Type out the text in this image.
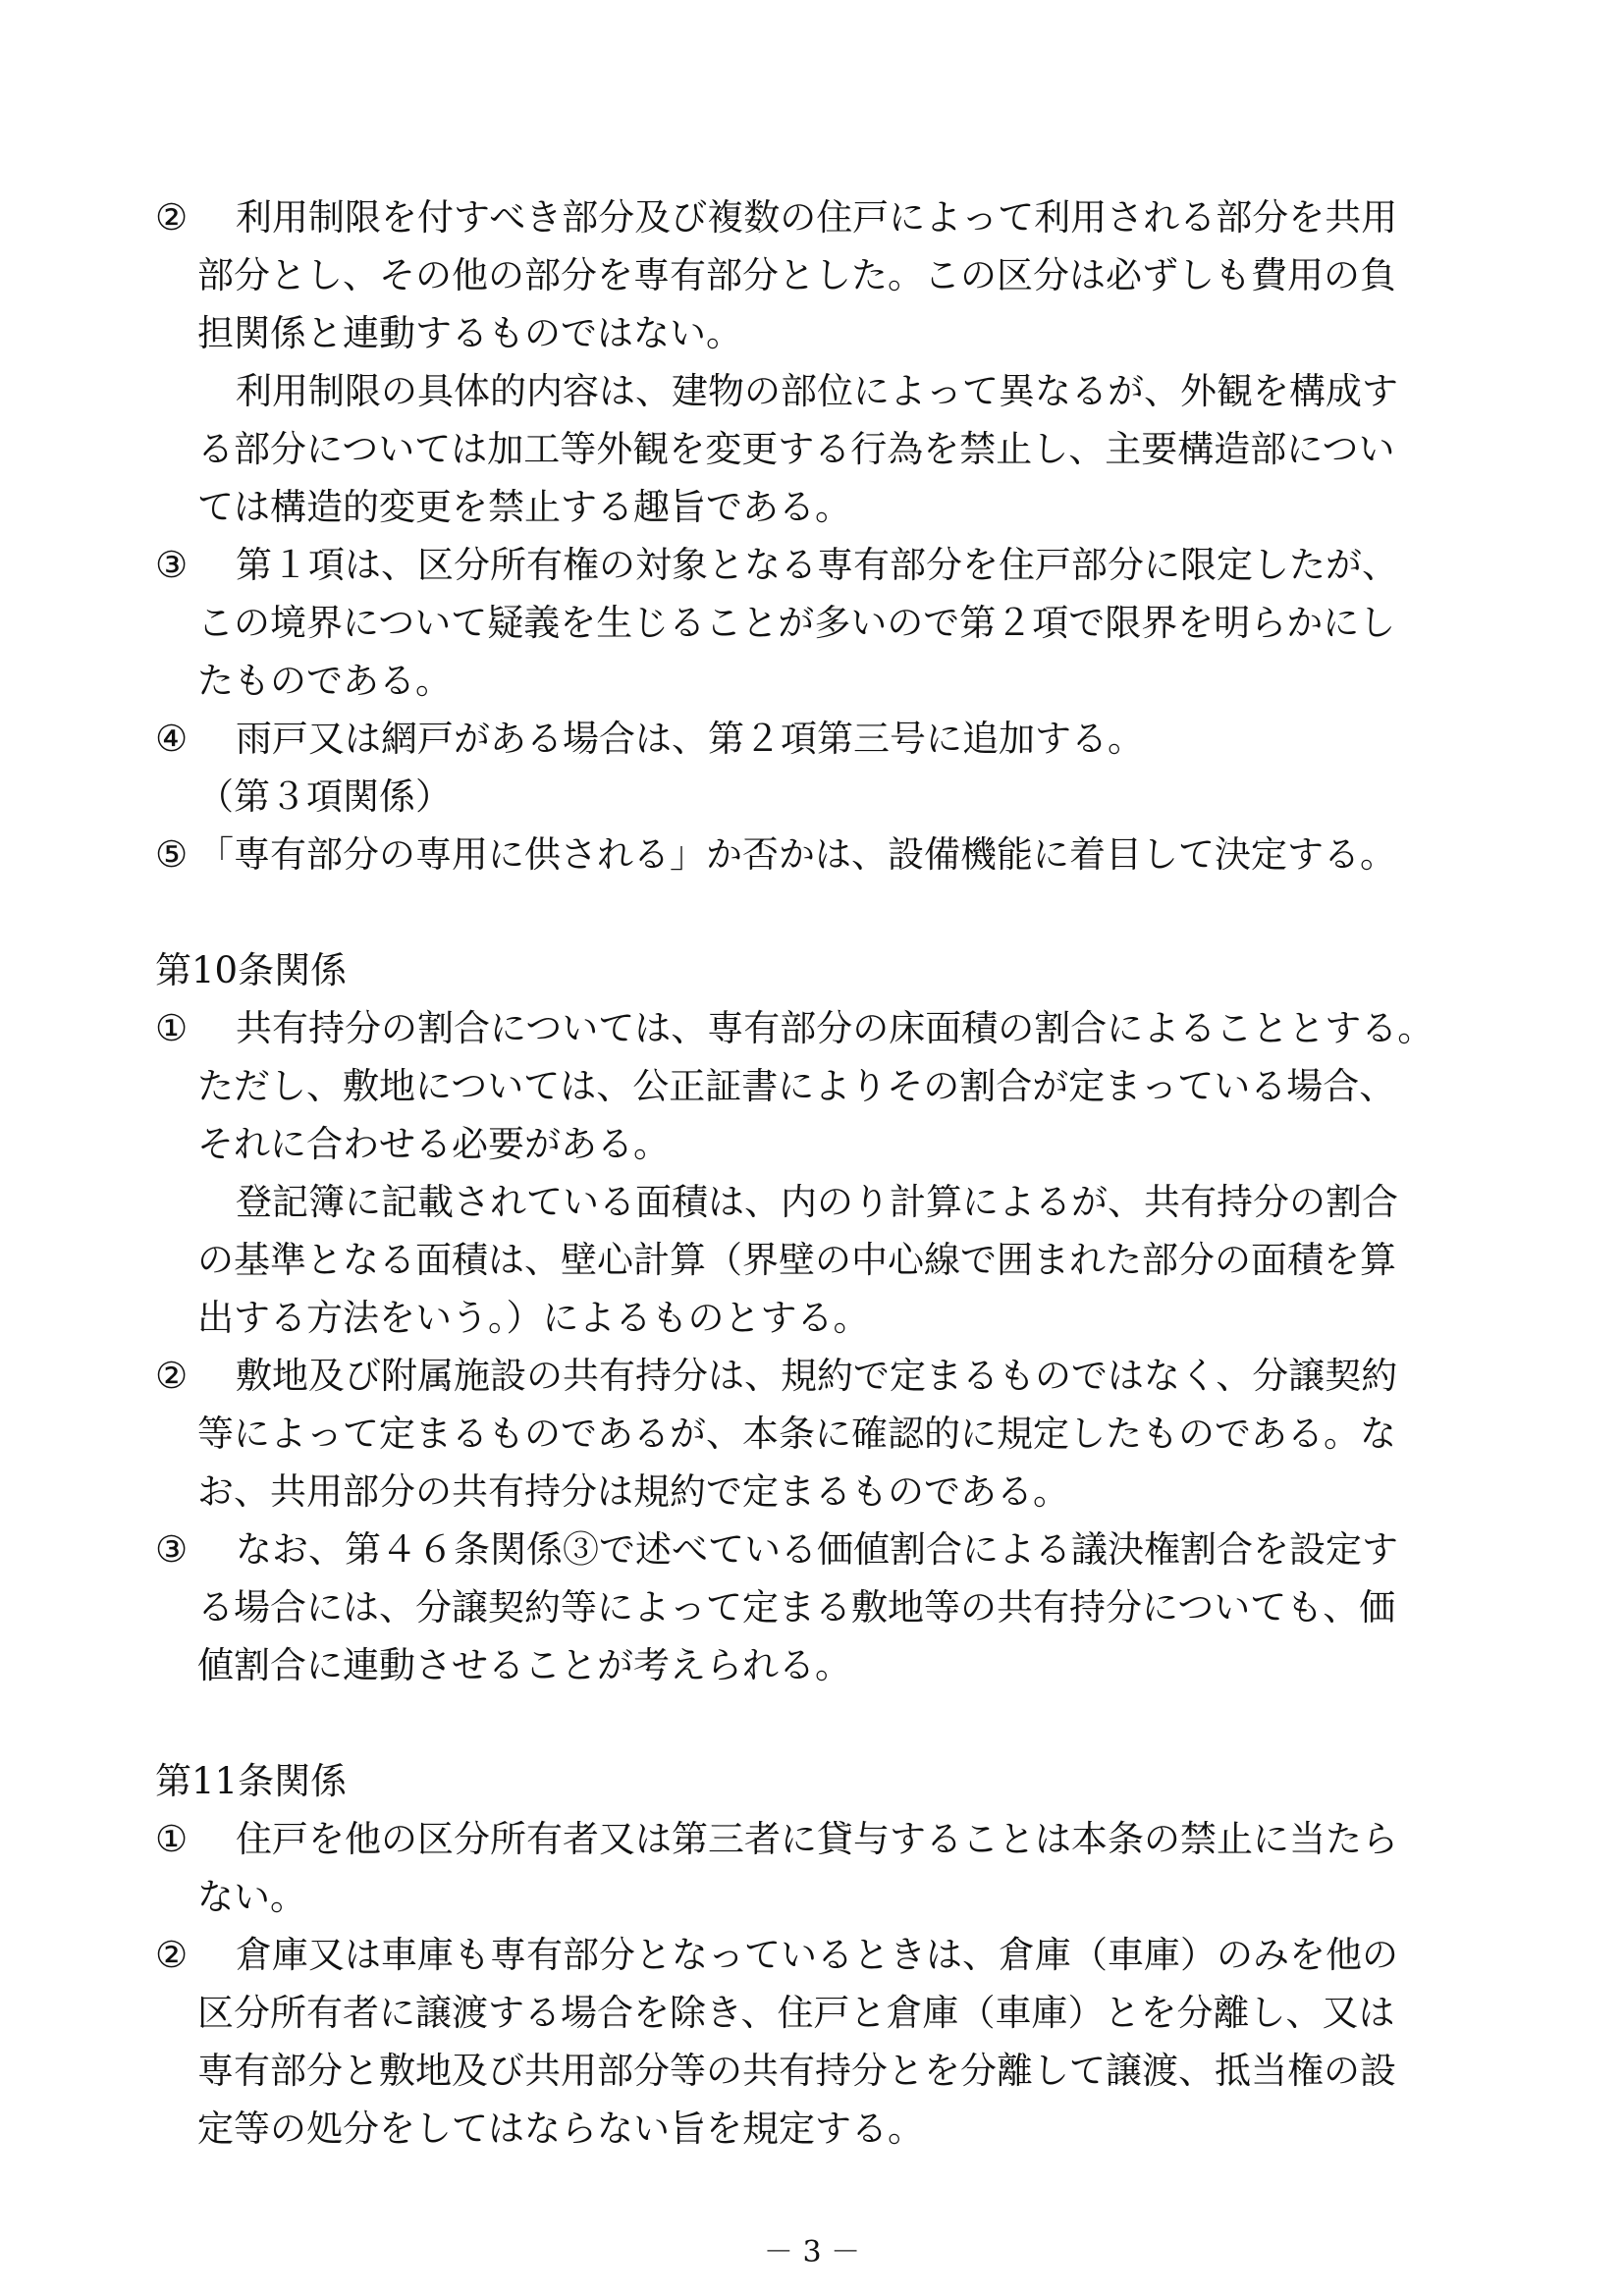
② 利用制限を付すべき部分及び複数の住戸によって利用される部分を共用
部分とし、その他の部分を専有部分とした。この区分は必ずしも費用の負
担関係と連動するものではない。
利用制限の具体的内容は、建物の部位によって異なるが、外観を構成す
る部分については加工等外観を変更する行為を禁止し、主要構造部につい
ては構造的変更を禁止する趣旨である。
③ 第１項は、区分所有権の対象となる専有部分を住戸部分に限定したが、
この境界について疑義を生じることが多いので第２項で限界を明らかにし
たものである。
④ 雨戸又は網戸がある場合は、第２項第三号に追加する。
（第３項関係）
⑤ 「専有部分の専用に供される」か否かは、設備機能に着目して決定する。
第10条関係
① 共有持分の割合については、専有部分の床面積の割合によることとする。
ただし、敷地については、公正証書によりその割合が定まっている場合、
それに合わせる必要がある。
登記簿に記載されている面積は、内のり計算によるが、共有持分の割合
の基準となる面積は、壁心計算（界壁の中心線で囲まれた部分の面積を算
出する方法をいう。）によるものとする。
② 敷地及び附属施設の共有持分は、規約で定まるものではなく、分譲契約
等によって定まるものであるが、本条に確認的に規定したものである。な
お、共用部分の共有持分は規約で定まるものである。
③ なお、第４６条関係③で述べている価値割合による議決権割合を設定す
る場合には、分譲契約等によって定まる敷地等の共有持分についても、価
値割合に連動させることが考えられる。
第11条関係
① 住戸を他の区分所有者又は第三者に貸与することは本条の禁止に当たら
ない。
② 倉庫又は車庫も専有部分となっているときは、倉庫（車庫）のみを他の
区分所有者に譲渡する場合を除き、住戸と倉庫（車庫）とを分離し、又は
専有部分と敷地及び共用部分等の共有持分とを分離して譲渡、抵当権の設
定等の処分をしてはならない旨を規定する。
－ 3 －
